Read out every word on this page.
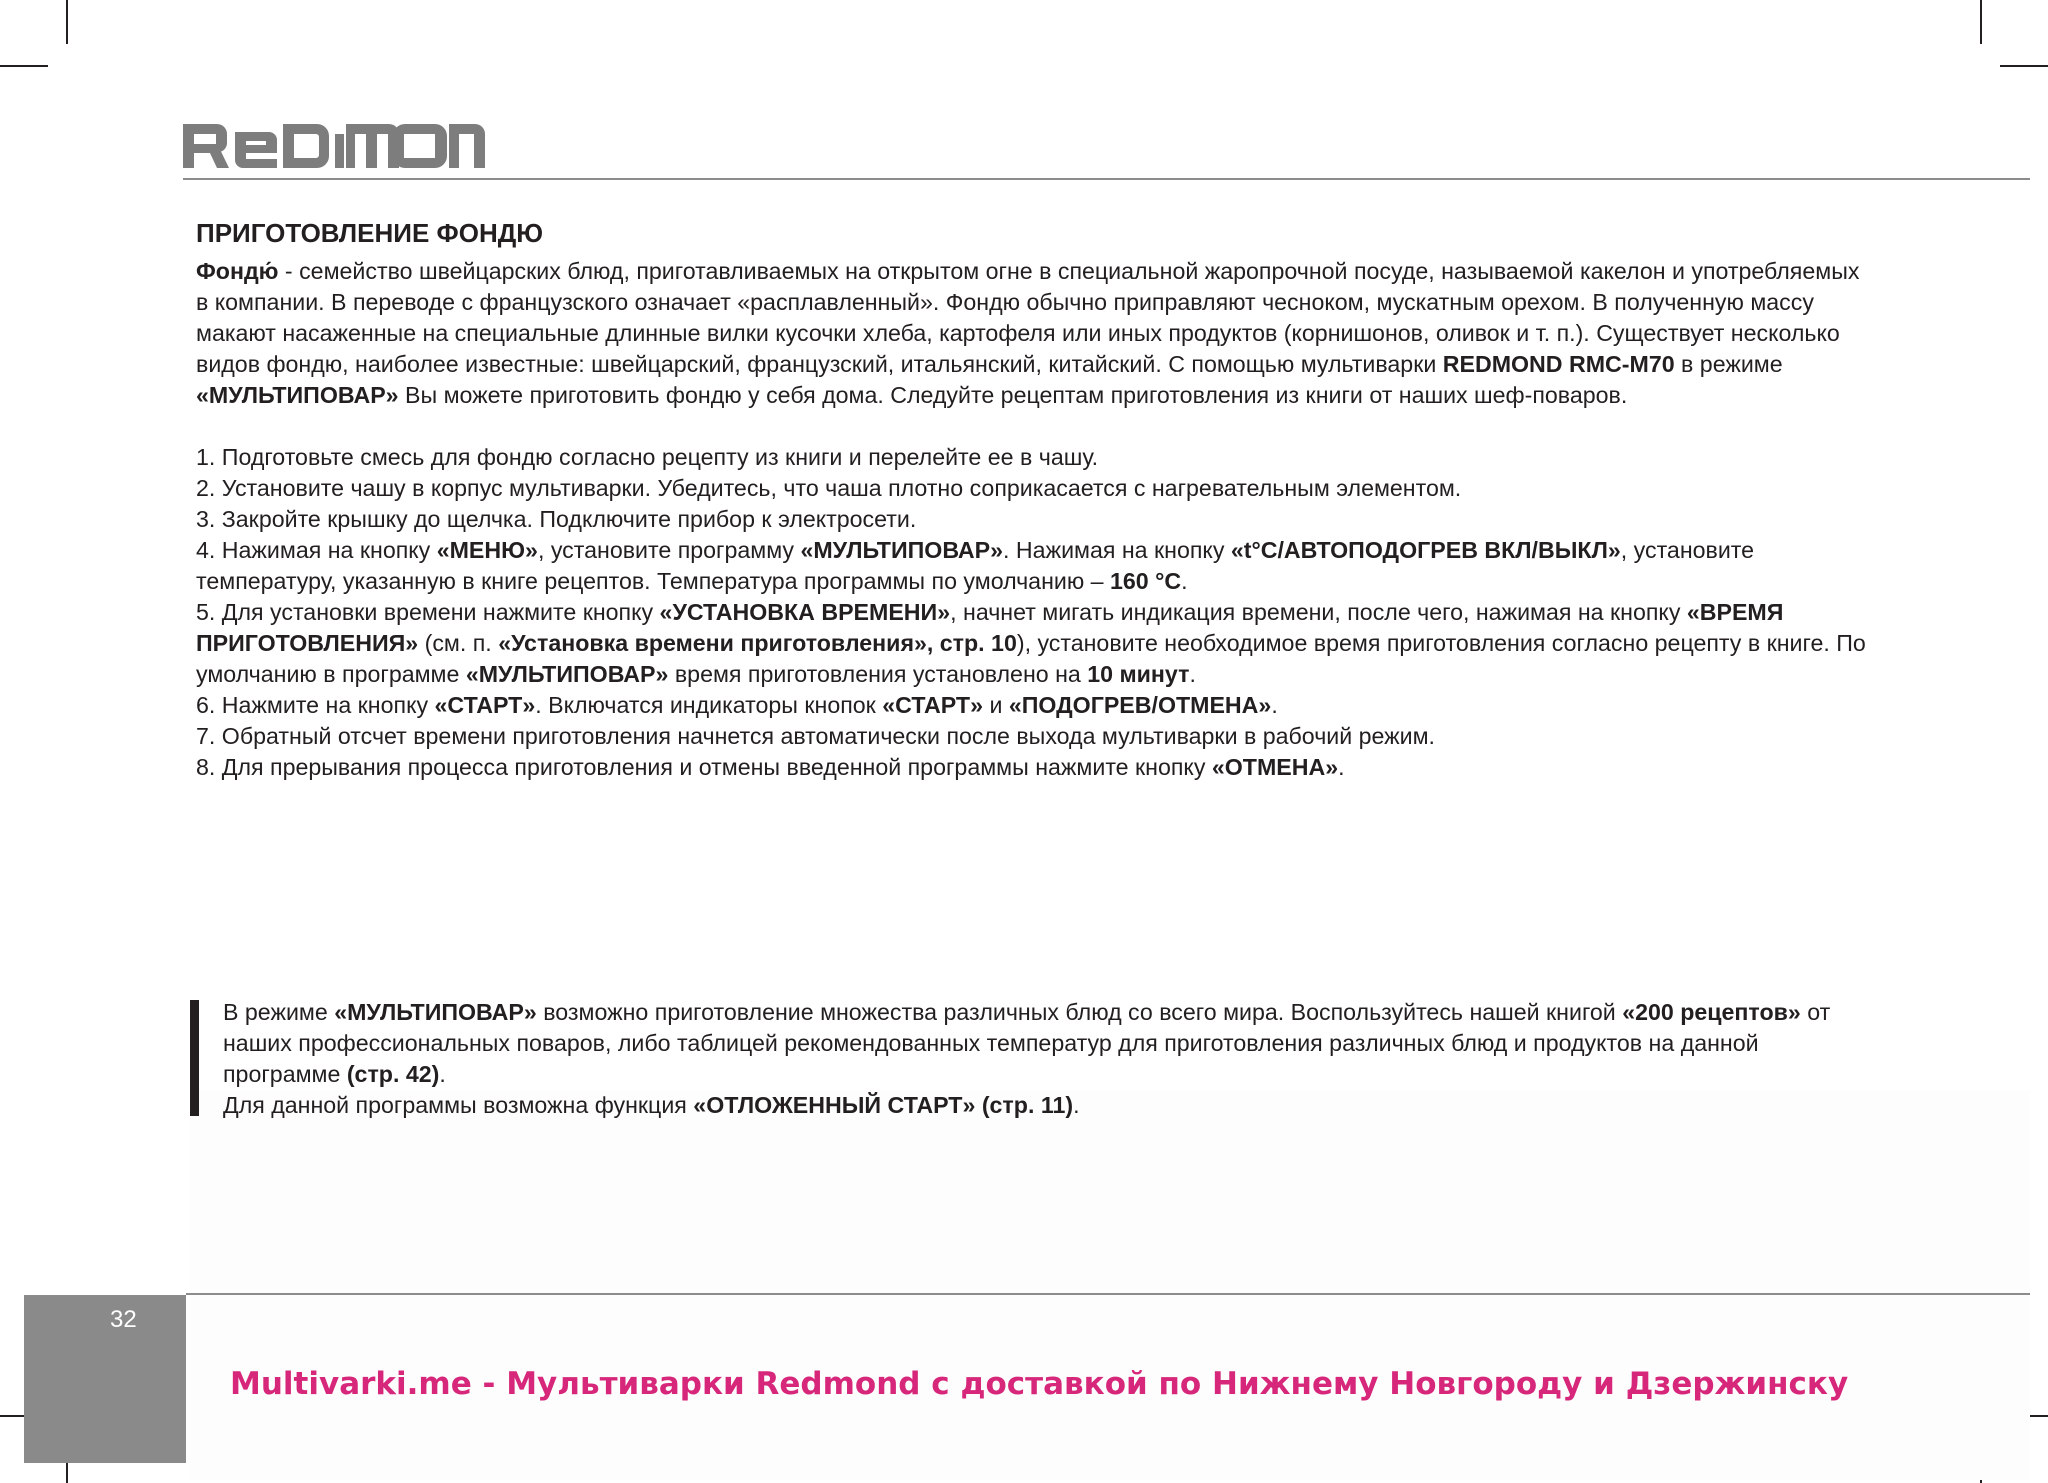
ПРИГОТОВЛЕНИЕ ФОНДЮ

Фондю́ - семейство швейцарских блюд, приготавливаемых на открытом огне в специальной жаропрочной посуде, называемой какелон и употребляемых в компании. В переводе с французского означает «расплавленный». Фондю обычно приправляют чесноком, мускатным орехом. В полученную массу макают насаженные на специальные длинные вилки кусочки хлеба, картофеля или иных продуктов (корнишонов, оливок и т. п.). Существует несколько видов фондю, наиболее известные: швейцарский, французский, итальянский, китайский. С помощью мультиварки REDMOND RMC-M70 в режиме «МУЛЬТИПОВАР» Вы можете приготовить фондю у себя дома. Следуйте рецептам приготовления из книги от наших шеф-поваров.

1. Подготовьте смесь для фондю согласно рецепту из книги и перелейте ее в чашу.

2. Установите чашу в корпус мультиварки. Убедитесь, что чаша плотно соприкасается с нагревательным элементом.

3. Закройте крышку до щелчка. Подключите прибор к электросети.

4. Нажимая на кнопку «МЕНЮ», установите программу «МУЛЬТИПОВАР». Нажимая на кнопку «t°C/АВТОПОДОГРЕВ ВКЛ/ВЫКЛ», установите температуру, указанную в книге рецептов. Температура программы по умолчанию – 160 °C.

5. Для установки времени нажмите кнопку «УСТАНОВКА ВРЕМЕНИ», начнет мигать индикация времени, после чего, нажимая на кнопку «ВРЕМЯ ПРИГОТОВЛЕНИЯ» (см. п. «Установка времени приготовления», стр. 10), установите необходимое время приготовления согласно рецепту в книге. По умолчанию в программе «МУЛЬТИПОВАР» время приготовления установлено на 10 минут.

6. Нажмите на кнопку «СТАРТ». Включатся индикаторы кнопок «СТАРТ» и «ПОДОГРЕВ/ОТМЕНА».

7. Обратный отсчет времени приготовления начнется автоматически после выхода мультиварки в рабочий режим.

8. Для прерывания процесса приготовления и отмены введенной программы нажмите кнопку «ОТМЕНА».

В режиме «МУЛЬТИПОВАР» возможно приготовление множества различных блюд со всего мира. Воспользуйтесь нашей книгой «200 рецептов» от наших профессиональных поваров, либо таблицей рекомендованных температур для приготовления различных блюд и продуктов на данной программе (стр. 42).

Для данной программы возможна функция «ОТЛОЖЕННЫЙ СТАРТ» (стр. 11).

32
Multivarki.me - Мультиварки Redmond с доставкой по Нижнему Новгороду и Дзержинску
